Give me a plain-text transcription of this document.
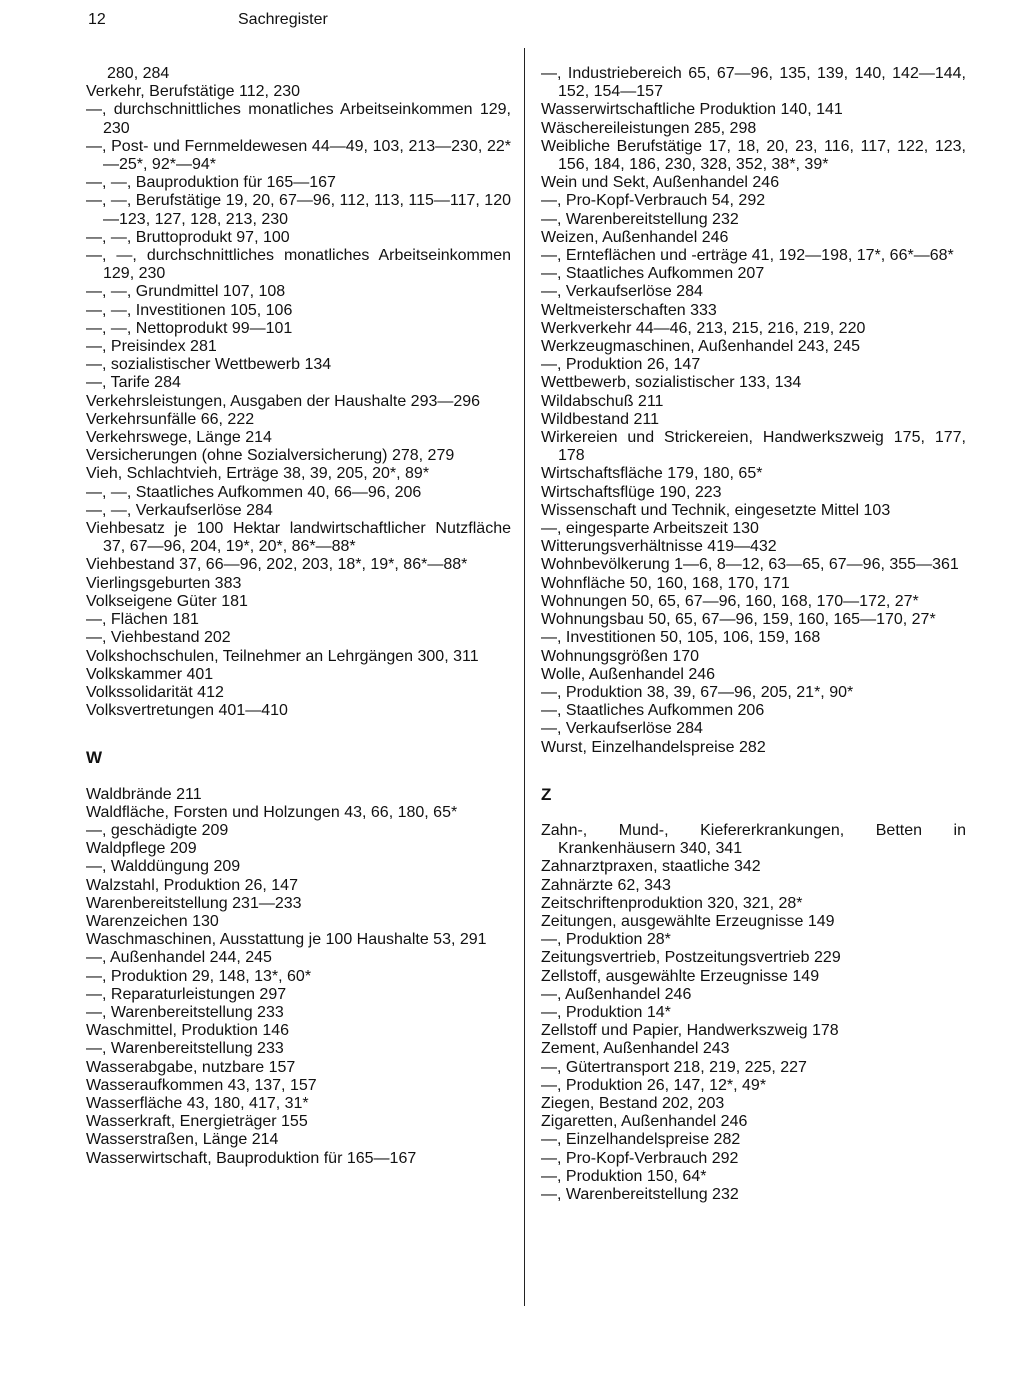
12	Sachregister
280, 284
Verkehr, Berufstätige 112, 230
—, durchschnittliches monatliches Arbeitseinkommen 129, 230
—, Post- und Fernmeldewesen 44—49, 103, 213—230, 22*—25*, 92*—94*
—, —, Bauproduktion für 165—167
—, —, Berufstätige 19, 20, 67—96, 112, 113, 115—117, 120—123, 127, 128, 213, 230
—, —, Bruttoprodukt 97, 100
—, —, durchschnittliches monatliches Arbeitseinkommen 129, 230
—, —, Grundmittel 107, 108
—, —, Investitionen 105, 106
—, —, Nettoprodukt 99—101
—, Preisindex 281
—, sozialistischer Wettbewerb 134
—, Tarife 284
Verkehrsleistungen, Ausgaben der Haushalte 293—296
Verkehrsunfälle 66, 222
Verkehrswege, Länge 214
Versicherungen (ohne Sozialversicherung) 278, 279
Vieh, Schlachtvieh, Erträge 38, 39, 205, 20*, 89*
—, —, Staatliches Aufkommen 40, 66—96, 206
—, —, Verkaufserlöse 284
Viehbesatz je 100 Hektar landwirtschaftlicher Nutzfläche 37, 67—96, 204, 19*, 20*, 86*—88*
Viehbestand 37, 66—96, 202, 203, 18*, 19*, 86*—88*
Vierlingsgeburten 383
Volkseigene Güter 181
—, Flächen 181
—, Viehbestand 202
Volkshochschulen, Teilnehmer an Lehrgängen 300, 311
Volkskammer 401
Volkssolidarität 412
Volksvertretungen 401—410
W
Waldbrände 211
Waldfläche, Forsten und Holzungen 43, 66, 180, 65*
—, geschädigte 209
Waldpflege 209
—, Walddüngung 209
Walzstahl, Produktion 26, 147
Warenbereitstellung 231—233
Warenzeichen 130
Waschmaschinen, Ausstattung je 100 Haushalte 53, 291
—, Außenhandel 244, 245
—, Produktion 29, 148, 13*, 60*
—, Reparaturleistungen 297
—, Warenbereitstellung 233
Waschmittel, Produktion 146
—, Warenbereitstellung 233
Wasserabgabe, nutzbare 157
Wasseraufkommen 43, 137, 157
Wasserfläche 43, 180, 417, 31*
Wasserkraft, Energieträger 155
Wasserstraßen, Länge 214
Wasserwirtschaft, Bauproduktion für 165—167
—, Industriebereich 65, 67—96, 135, 139, 140, 142—144, 152, 154—157
Wasserwirtschaftliche Produktion 140, 141
Wäschereileistungen 285, 298
Weibliche Berufstätige 17, 18, 20, 23, 116, 117, 122, 123, 156, 184, 186, 230, 328, 352, 38*, 39*
Wein und Sekt, Außenhandel 246
—, Pro-Kopf-Verbrauch 54, 292
—, Warenbereitstellung 232
Weizen, Außenhandel 246
—, Ernteflächen und -erträge 41, 192—198, 17*, 66*—68*
—, Staatliches Aufkommen 207
—, Verkaufserlöse 284
Weltmeisterschaften 333
Werkverkehr 44—46, 213, 215, 216, 219, 220
Werkzeugmaschinen, Außenhandel 243, 245
—, Produktion 26, 147
Wettbewerb, sozialistischer 133, 134
Wildabschuß 211
Wildbestand 211
Wirkereien und Strickereien, Handwerkszweig 175, 177, 178
Wirtschaftsfläche 179, 180, 65*
Wirtschaftsflüge 190, 223
Wissenschaft und Technik, eingesetzte Mittel 103
—, eingesparte Arbeitszeit 130
Witterungsverhältnisse 419—432
Wohnbevölkerung 1—6, 8—12, 63—65, 67—96, 355—361
Wohnfläche 50, 160, 168, 170, 171
Wohnungen 50, 65, 67—96, 160, 168, 170—172, 27*
Wohnungsbau 50, 65, 67—96, 159, 160, 165—170, 27*
—, Investitionen 50, 105, 106, 159, 168
Wohnungsgrößen 170
Wolle, Außenhandel 246
—, Produktion 38, 39, 67—96, 205, 21*, 90*
—, Staatliches Aufkommen 206
—, Verkaufserlöse 284
Wurst, Einzelhandelspreise 282
Z
Zahn-, Mund-, Kiefererkrankungen, Betten in Krankenhäusern 340, 341
Zahnarztpraxen, staatliche 342
Zahnärzte 62, 343
Zeitschriftenproduktion 320, 321, 28*
Zeitungen, ausgewählte Erzeugnisse 149
—, Produktion 28*
Zeitungsvertrieb, Postzeitungsvertrieb 229
Zellstoff, ausgewählte Erzeugnisse 149
—, Außenhandel 246
—, Produktion 14*
Zellstoff und Papier, Handwerkszweig 178
Zement, Außenhandel 243
—, Gütertransport 218, 219, 225, 227
—, Produktion 26, 147, 12*, 49*
Ziegen, Bestand 202, 203
Zigaretten, Außenhandel 246
—, Einzelhandelspreise 282
—, Pro-Kopf-Verbrauch 292
—, Produktion 150, 64*
—, Warenbereitstellung 232
